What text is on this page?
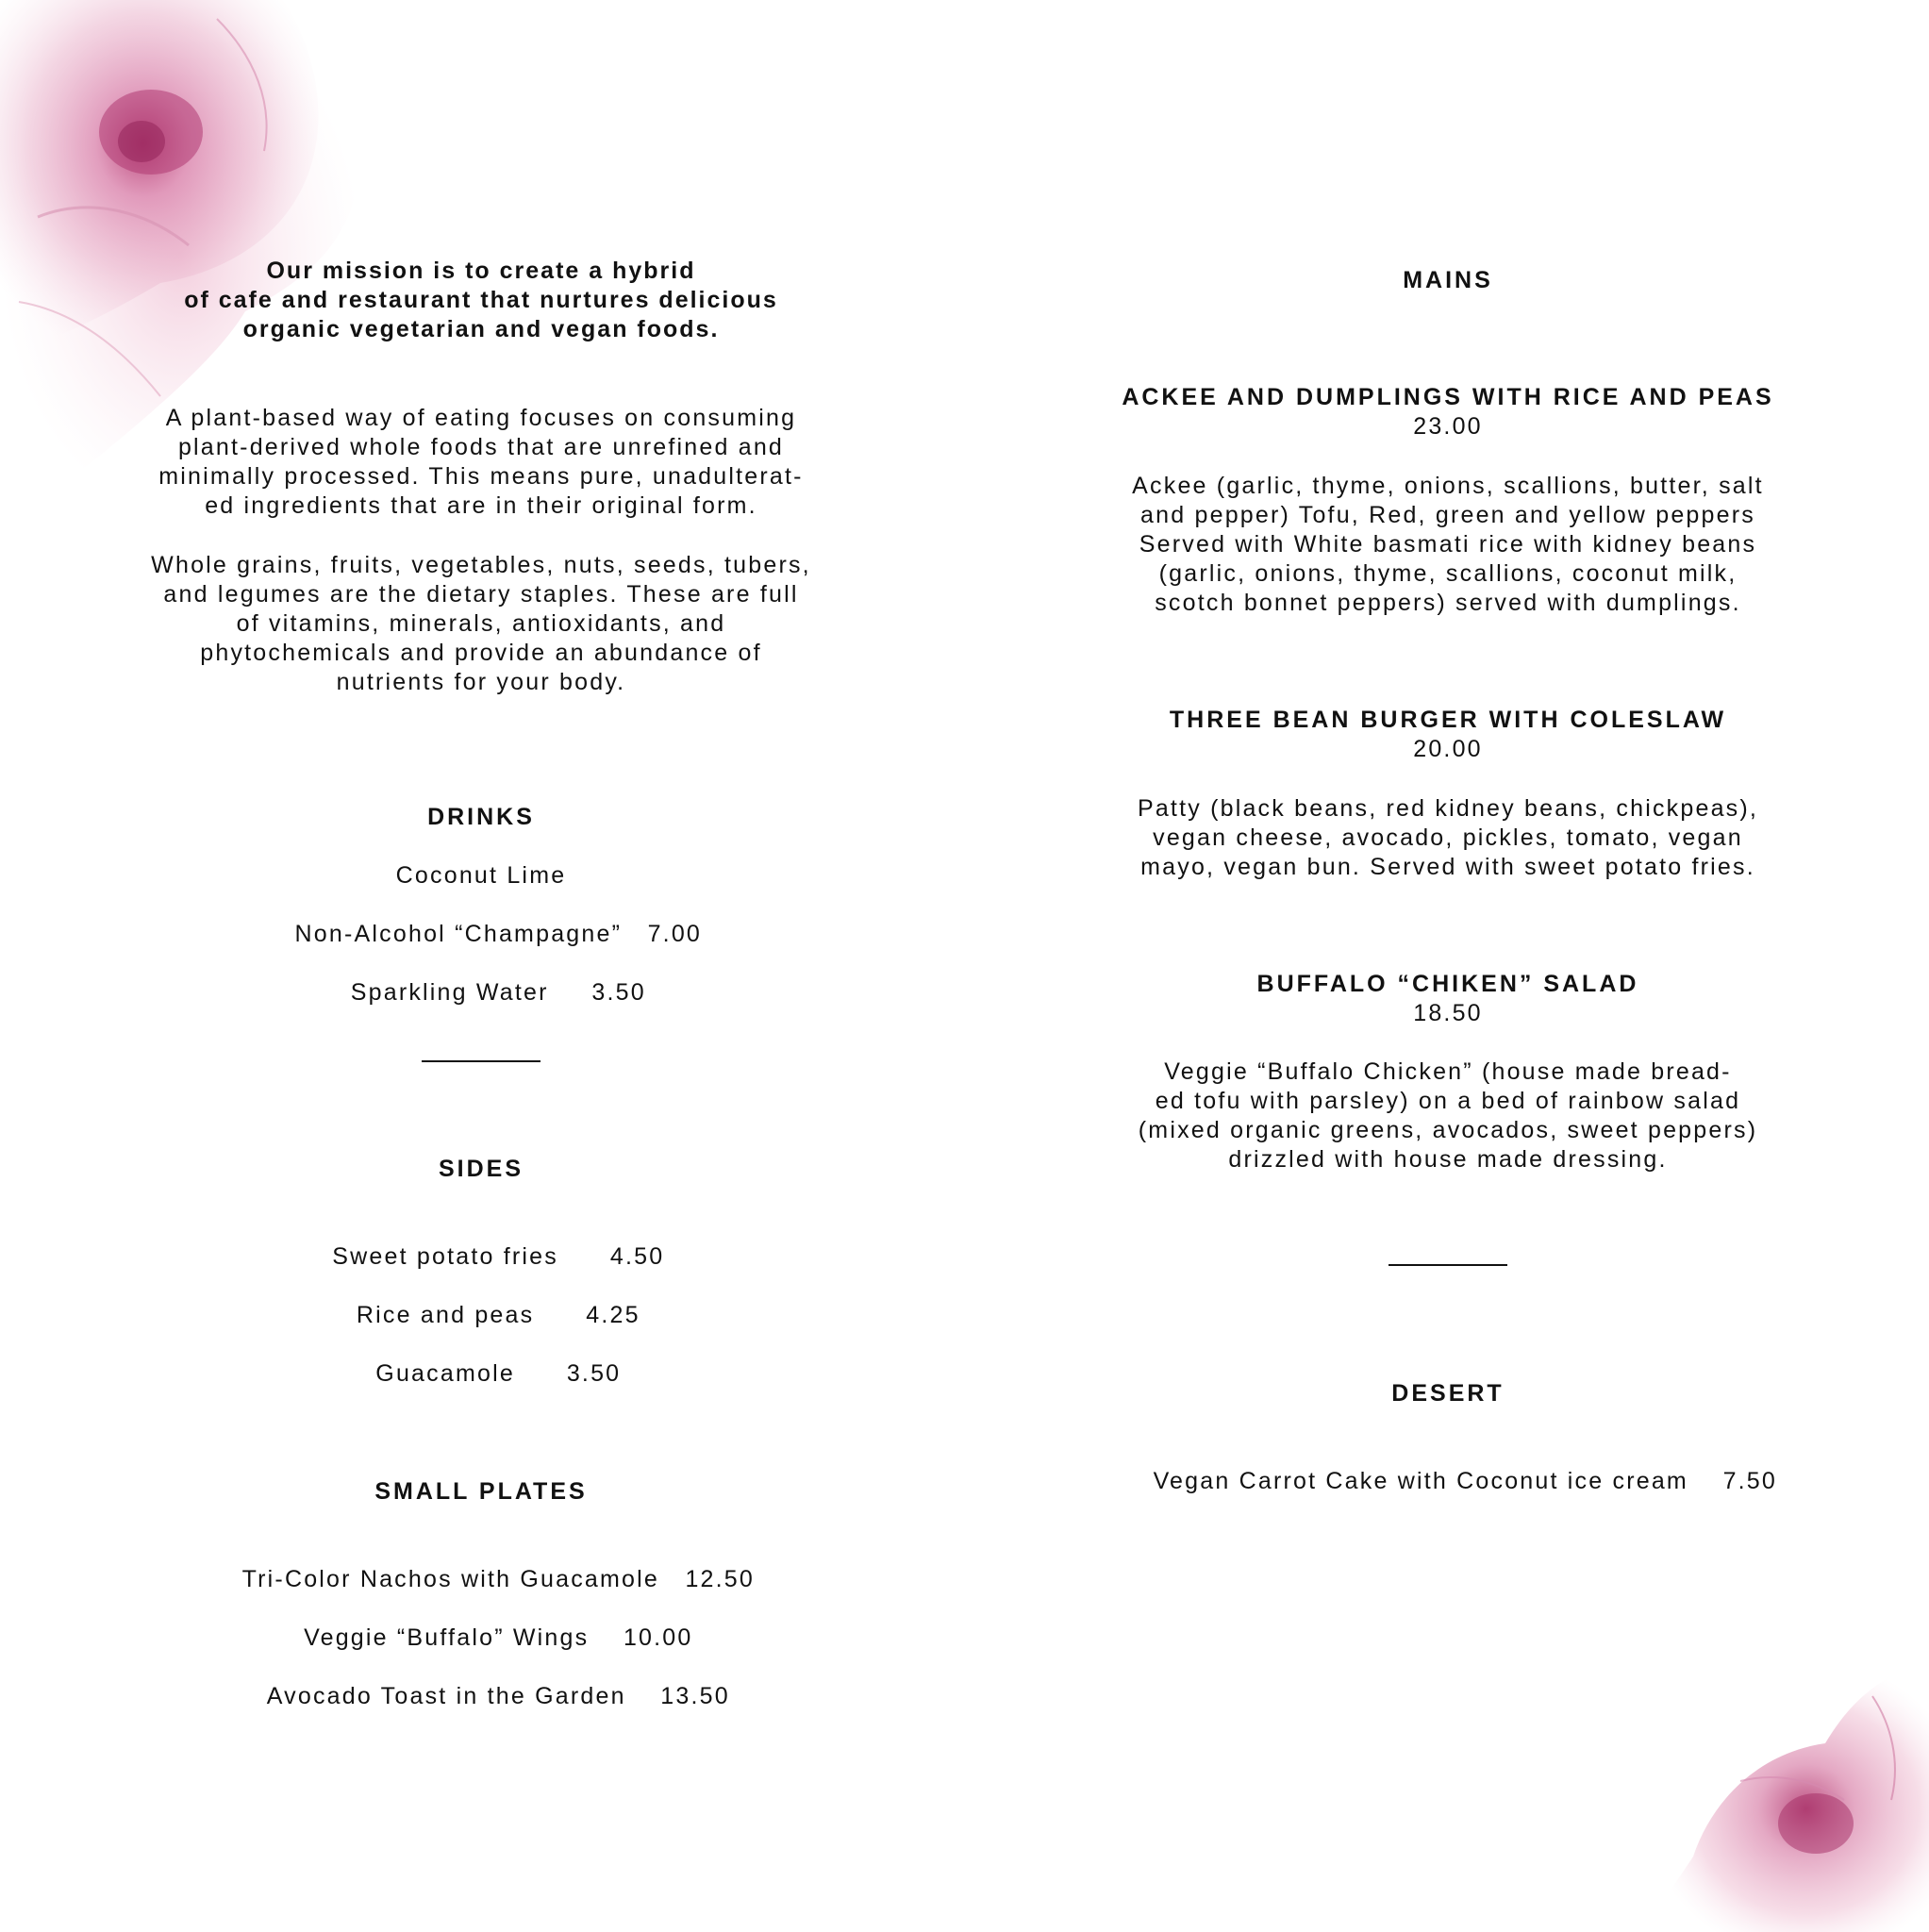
Our mission is to create a hybrid
of cafe and restaurant that nurtures delicious
organic vegetarian and vegan foods.
A plant-based way of eating focuses on consuming
plant-derived whole foods that are unrefined and
minimally processed. This means pure, unadulterat-
ed ingredients that are in their original form.
Whole grains, fruits, vegetables, nuts, seeds, tubers,
and legumes are the dietary staples. These are full
of vitamins, minerals, antioxidants, and
phytochemicals and provide an abundance of
nutrients for your body.
DRINKS
Coconut Lime

Non-Alcohol “Champagne” 7.00

Sparkling Water 3.50

SIDES

Sweet potato fries 4.50

Rice and peas 4.25

Guacamole 3.50

SMALL PLATES

Tri-Color Nachos with Guacamole 12.50

Veggie “Buffalo” Wings 10.00

Avocado Toast in the Garden 13.50

MAINS
ACKEE AND DUMPLINGS WITH RICE AND PEAS
23.00
Ackee (garlic, thyme, onions, scallions, butter, salt
and pepper) Tofu, Red, green and yellow peppers
Served with White basmati rice with kidney beans
(garlic, onions, thyme, scallions, coconut milk,
scotch bonnet peppers) served with dumplings.
THREE BEAN BURGER WITH COLESLAW
20.00
Patty (black beans, red kidney beans, chickpeas),
vegan cheese, avocado, pickles, tomato, vegan
mayo, vegan bun. Served with sweet potato fries.
BUFFALO “CHIKEN” SALAD
18.50
Veggie “Buffalo Chicken” (house made bread-
ed tofu with parsley) on a bed of rainbow salad
(mixed organic greens, avocados, sweet peppers)
drizzled with house made dressing.
DESERT

Vegan Carrot Cake with Coconut ice cream 7.50
